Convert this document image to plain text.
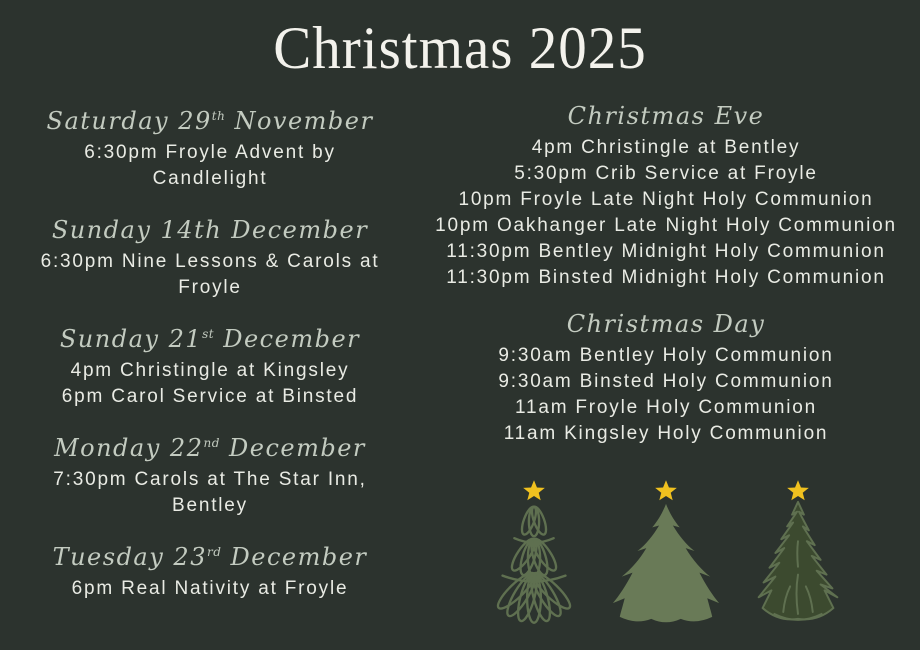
Christmas 2025
Saturday 29th November
6:30pm Froyle Advent by
Candlelight
Sunday 14th December
6:30pm Nine Lessons & Carols at
Froyle
Sunday 21st December
4pm Christingle at Kingsley
6pm Carol Service at Binsted
Monday 22nd December
7:30pm Carols at The Star Inn,
Bentley
Tuesday 23rd December
6pm Real Nativity at Froyle
Christmas Eve
4pm Christingle at Bentley
5:30pm Crib Service at Froyle
10pm Froyle Late Night Holy Communion
10pm Oakhanger Late Night Holy Communion
11:30pm Bentley Midnight Holy Communion
11:30pm Binsted Midnight Holy Communion
Christmas Day
9:30am Bentley Holy Communion
9:30am Binsted Holy Communion
11am Froyle Holy Communion
11am Kingsley Holy Communion
